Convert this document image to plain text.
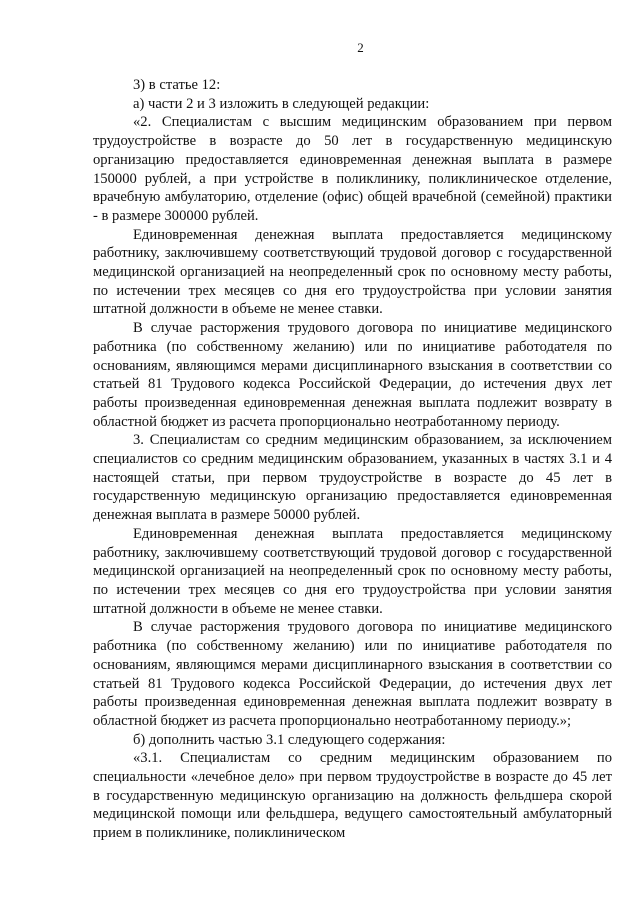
2

3) в статье 12:

а) части 2 и 3 изложить в следующей редакции:

«2. Специалистам с высшим медицинским образованием при первом трудоустройстве в возрасте до 50 лет в государственную медицинскую организацию предоставляется единовременная денежная выплата в размере 150000 рублей, а при устройстве в поликлинику, поликлиническое отделение, врачебную амбулаторию, отделение (офис) общей врачебной (семейной) практики - в размере 300000 рублей.

Единовременная денежная выплата предоставляется медицинскому работнику, заключившему соответствующий трудовой договор с государственной медицинской организацией на неопределенный срок по основному месту работы, по истечении трех месяцев со дня его трудоустройства при условии занятия штатной должности в объеме не менее ставки.

В случае расторжения трудового договора по инициативе медицинского работника (по собственному желанию) или по инициативе работодателя по основаниям, являющимся мерами дисциплинарного взыскания в соответствии со статьей 81 Трудового кодекса Российской Федерации, до истечения двух лет работы произведенная единовременная денежная выплата подлежит возврату в областной бюджет из расчета пропорционально неотработанному периоду.

3. Специалистам со средним медицинским образованием, за исключением специалистов со средним медицинским образованием, указанных в частях 3.1 и 4 настоящей статьи, при первом трудоустройстве в возрасте до 45 лет в государственную медицинскую организацию предоставляется единовременная денежная выплата в размере 50000 рублей.

Единовременная денежная выплата предоставляется медицинскому работнику, заключившему соответствующий трудовой договор с государственной медицинской организацией на неопределенный срок по основному месту работы, по истечении трех месяцев со дня его трудоустройства при условии занятия штатной должности в объеме не менее ставки.

В случае расторжения трудового договора по инициативе медицинского работника (по собственному желанию) или по инициативе работодателя по основаниям, являющимся мерами дисциплинарного взыскания в соответствии со статьей 81 Трудового кодекса Российской Федерации, до истечения двух лет работы произведенная единовременная денежная выплата подлежит возврату в областной бюджет из расчета пропорционально неотработанному периоду.»;

б) дополнить частью 3.1 следующего содержания:

«3.1. Специалистам со средним медицинским образованием по специальности «лечебное дело» при первом трудоустройстве в возрасте до 45 лет в государственную медицинскую организацию на должность фельдшера скорой медицинской помощи или фельдшера, ведущего самостоятельный амбулаторный прием в поликлинике, поликлиническом
